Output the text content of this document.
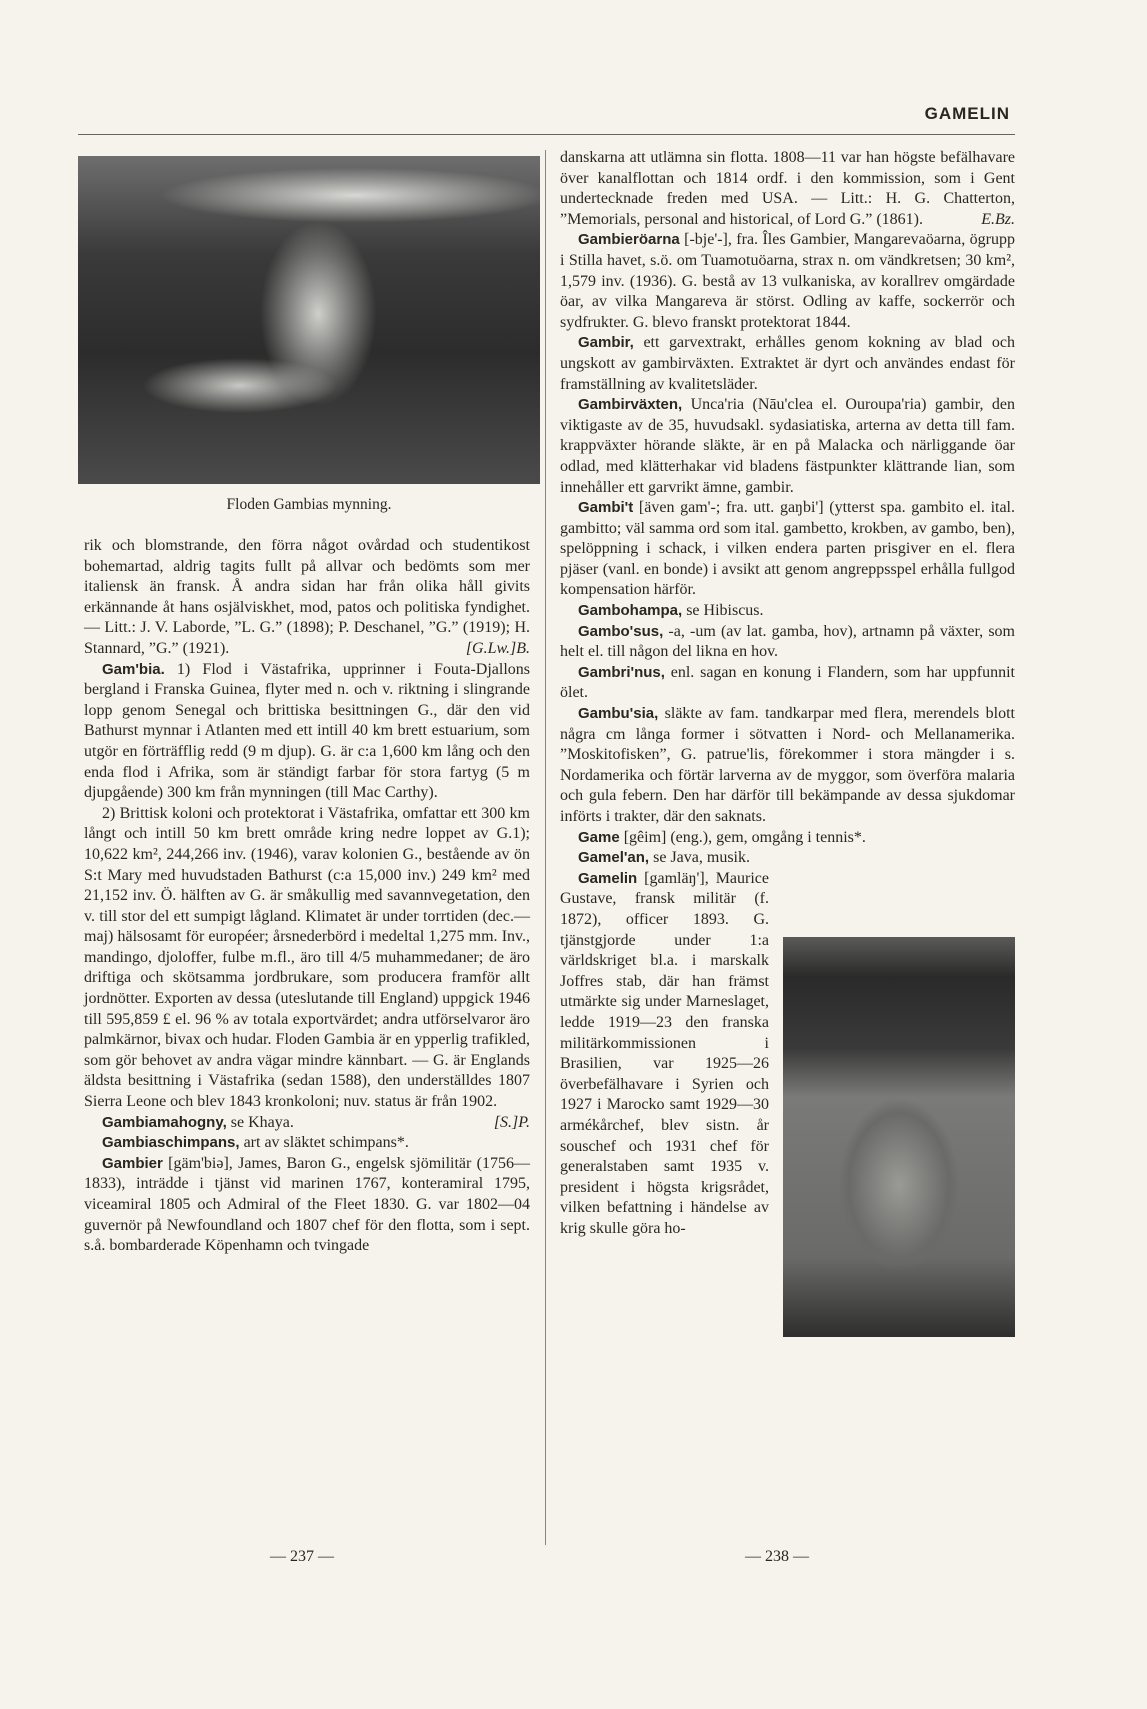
GAMELIN
Floden Gambias mynning.

rik och blomstrande, den förra något ovårdad och studentikost bohemartad, aldrig tagits fullt på allvar och bedömts som mer italiensk än fransk. Å andra sidan har från olika håll givits erkännande åt hans osjälviskhet, mod, patos och politiska fyndighet. — Litt.: J. V. Laborde, ”L. G.” (1898); P. Deschanel, ”G.” (1919); H. Stannard, ”G.” (1921).	[G.Lw.]B.

Gam'bia. 1) Flod i Västafrika, upprinner i Fouta-Djallons bergland i Franska Guinea, flyter med n. och v. riktning i slingrande lopp genom Senegal och brittiska besittningen G., där den vid Bathurst mynnar i Atlanten med ett intill 40 km brett estuarium, som utgör en förträfflig redd (9 m djup). G. är c:a 1,600 km lång och den enda flod i Afrika, som är ständigt farbar för stora fartyg (5 m djupgående) 300 km från mynningen (till Mac Carthy).

2) Brittisk koloni och protektorat i Västafrika, omfattar ett 300 km långt och intill 50 km brett område kring nedre loppet av G.1); 10,622 km², 244,266 inv. (1946), varav kolonien G., bestående av ön S:t Mary med huvudstaden Bathurst (c:a 15,000 inv.) 249 km² med 21,152 inv. Ö. hälften av G. är småkullig med savannvegetation, den v. till stor del ett sumpigt lågland. Klimatet är under torrtiden (dec.—maj) hälsosamt för européer; årsnederbörd i medeltal 1,275 mm. Inv., mandingo, djoloffer, fulbe m.fl., äro till 4/5 muhammedaner; de äro driftiga och skötsamma jordbrukare, som producera framför allt jordnötter. Exporten av dessa (uteslutande till England) uppgick 1946 till 595,859 £ el. 96 % av totala exportvärdet; andra utförselvaror äro palmkärnor, bivax och hudar. Floden Gambia är en ypperlig trafikled, som gör behovet av andra vägar mindre kännbart. — G. är Englands äldsta besittning i Västafrika (sedan 1588), den underställdes 1807 Sierra Leone och blev 1843 kronkoloni; nuv. status är från 1902.
[S.]P.

Gambiamahogny, se Khaya.

Gambiaschimpans, art av släktet schimpans*.

Gambier [gäm'biə], James, Baron G., engelsk sjömilitär (1756—1833), inträdde i tjänst vid marinen 1767, konteramiral 1795, viceamiral 1805 och Admiral of the Fleet 1830. G. var 1802—04 guvernör på Newfoundland och 1807 chef för den flotta, som i sept. s.å. bombarderade Köpenhamn och tvingade

danskarna att utlämna sin flotta. 1808—11 var han högste befälhavare över kanalflottan och 1814 ordf. i den kommission, som i Gent undertecknade freden med USA. — Litt.: H. G. Chatterton, ”Memorials, personal and historical, of Lord G.” (1861).	E.Bz.

Gambieröarna [-bje'-], fra. Îles Gambier, Mangarevaöarna, ögrupp i Stilla havet, s.ö. om Tuamotuöarna, strax n. om vändkretsen; 30 km², 1,579 inv. (1936). G. bestå av 13 vulkaniska, av korallrev omgärdade öar, av vilka Mangareva är störst. Odling av kaffe, sockerrör och sydfrukter. G. blevo franskt protektorat 1844.

Gambir, ett garvextrakt, erhålles genom kokning av blad och ungskott av gambirväxten. Extraktet är dyrt och användes endast för framställning av kvalitetsläder.

Gambirväxten, Unca'ria (Nāu'clea el. Ouroupa'ria) gambir, den viktigaste av de 35, huvudsakl. sydasiatiska, arterna av detta till fam. krappväxter hörande släkte, är en på Malacka och närliggande öar odlad, med klätterhakar vid bladens fästpunkter klättrande lian, som innehåller ett garvrikt ämne, gambir.

Gambi't [även gam'-; fra. utt. gaŋbi'] (ytterst spa. gambito el. ital. gambitto; väl samma ord som ital. gambetto, krokben, av gambo, ben), spelöppning i schack, i vilken endera parten prisgiver en el. flera pjäser (vanl. en bonde) i avsikt att genom angreppsspel erhålla fullgod kompensation härför.

Gambohampa, se Hibiscus.

Gambo'sus, -a, -um (av lat. gamba, hov), artnamn på växter, som helt el. till någon del likna en hov.

Gambri'nus, enl. sagan en konung i Flandern, som har uppfunnit ölet.

Gambu'sia, släkte av fam. tandkarpar med flera, merendels blott några cm långa former i sötvatten i Nord- och Mellanamerika. ”Moskitofisken”, G. patrue'lis, förekommer i stora mängder i s. Nordamerika och förtär larverna av de myggor, som överföra malaria och gula febern. Den har därför till bekämpande av dessa sjukdomar införts i trakter, där den saknats.

Game [gêim] (eng.), gem, omgång i tennis*.

Gamel'an, se Java, musik.

Gamelin [gamläŋ'], Maurice Gustave, fransk militär (f. 1872), officer 1893. G. tjänstgjorde under 1:a världskriget bl.a. i marskalk Joffres stab, där han främst utmärkte sig under Marneslaget, ledde 1919—23 den franska militärkommissionen i Brasilien, var 1925—26 överbefälhavare i Syrien och 1927 i Marocko samt 1929—30 armékårchef, blev sistn. år souschef och 1931 chef för generalstaben samt 1935 v. president i högsta krigsrådet, vilken befattning i händelse av krig skulle göra ho-

— 237 —	— 238 —
